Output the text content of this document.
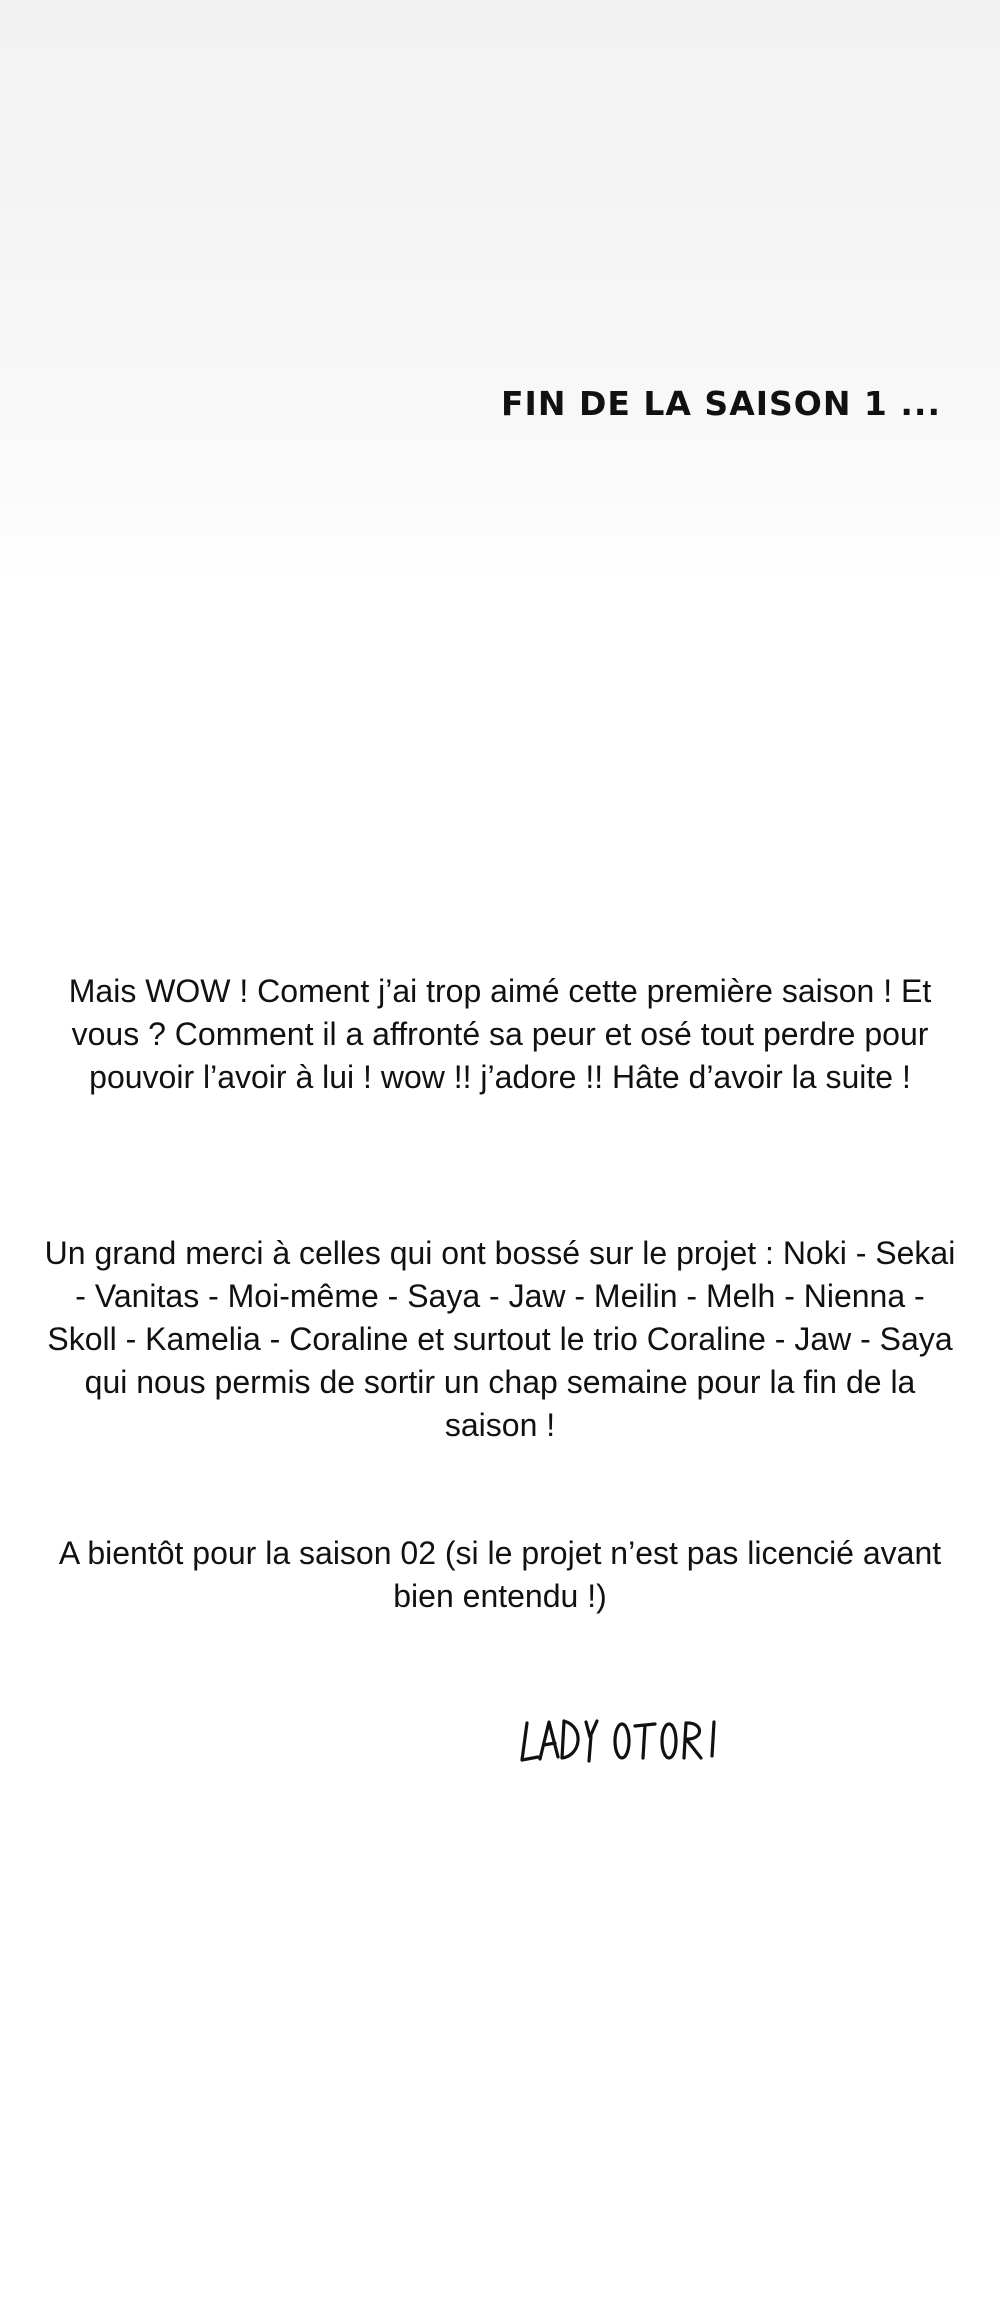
FIN DE LA SAISON 1 ...

Mais WOW ! Coment j’ai trop aimé cette première saison ! Et vous ? Comment il a affronté sa peur et osé tout perdre pour pouvoir l’avoir à lui ! wow !! j’adore !! Hâte d’avoir la suite !

Un grand merci à celles qui ont bossé sur le projet : Noki - Sekai - Vanitas - Moi-même - Saya - Jaw - Meilin - Melh - Nienna - Skoll - Kamelia - Coraline et surtout le trio Coraline - Jaw - Saya qui nous permis de sortir un chap semaine pour la fin de la saison !

A bientôt pour la saison 02 (si le projet n’est pas licencié avant bien entendu !)
